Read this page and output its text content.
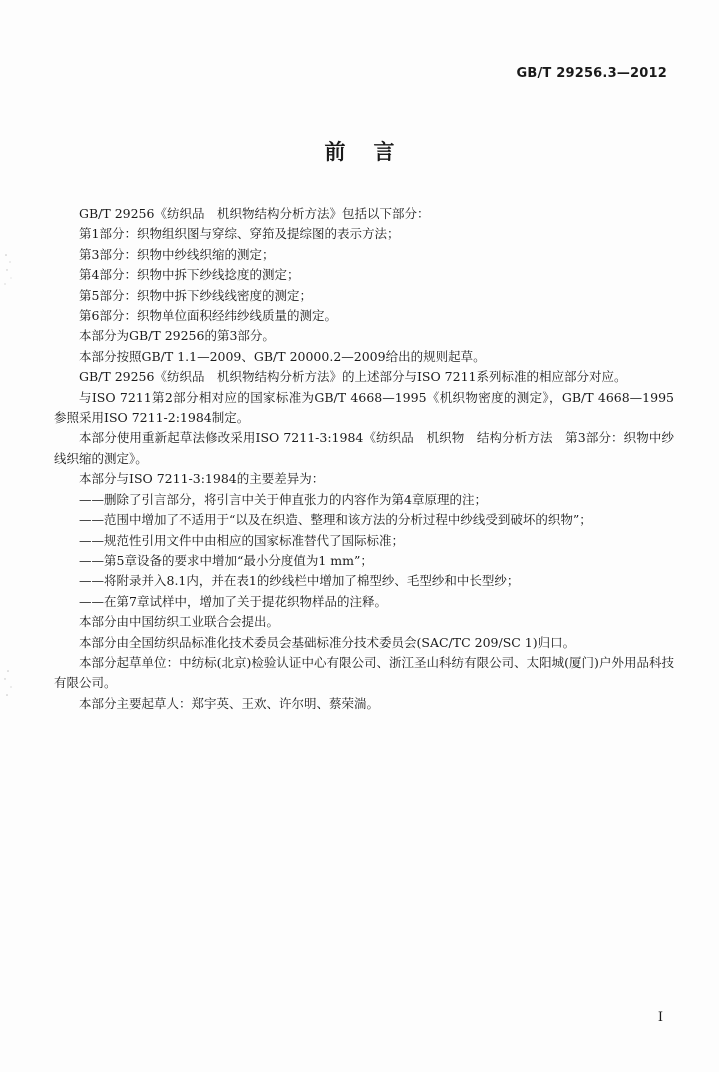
GB/T 29256.3—2012
前言

GB/T 29256《纺织品　机织物结构分析方法》包括以下部分：

第1部分：织物组织图与穿综、穿筘及提综图的表示方法；

第3部分：织物中纱线织缩的测定；

第4部分：织物中拆下纱线捻度的测定；

第5部分：织物中拆下纱线线密度的测定；

第6部分：织物单位面积经纬纱线质量的测定。

本部分为GB/T 29256的第3部分。

本部分按照GB/T 1.1—2009、GB/T 20000.2—2009给出的规则起草。

GB/T 29256《纺织品　机织物结构分析方法》的上述部分与ISO 7211系列标准的相应部分对应。

与ISO 7211第2部分相对应的国家标准为GB/T 4668—1995《机织物密度的测定》，GB/T 4668—1995参照采用ISO 7211-2:1984制定。

本部分使用重新起草法修改采用ISO 7211-3:1984《纺织品　机织物　结构分析方法　第3部分：织物中纱线织缩的测定》。

本部分与ISO 7211-3:1984的主要差异为：

——删除了引言部分，将引言中关于伸直张力的内容作为第4章原理的注；

——范围中增加了不适用于“以及在织造、整理和该方法的分析过程中纱线受到破坏的织物”；

——规范性引用文件中由相应的国家标准替代了国际标准；

——第5章设备的要求中增加“最小分度值为1 mm”；

——将附录并入8.1内，并在表1的纱线栏中增加了棉型纱、毛型纱和中长型纱；

——在第7章试样中，增加了关于提花织物样品的注释。

本部分由中国纺织工业联合会提出。

本部分由全国纺织品标准化技术委员会基础标准分技术委员会(SAC/TC 209/SC 1)归口。

本部分起草单位：中纺标(北京)检验认证中心有限公司、浙江圣山科纺有限公司、太阳城(厦门)户外用品科技有限公司。

本部分主要起草人：郑宇英、王欢、许尔明、蔡荣湍。

I
